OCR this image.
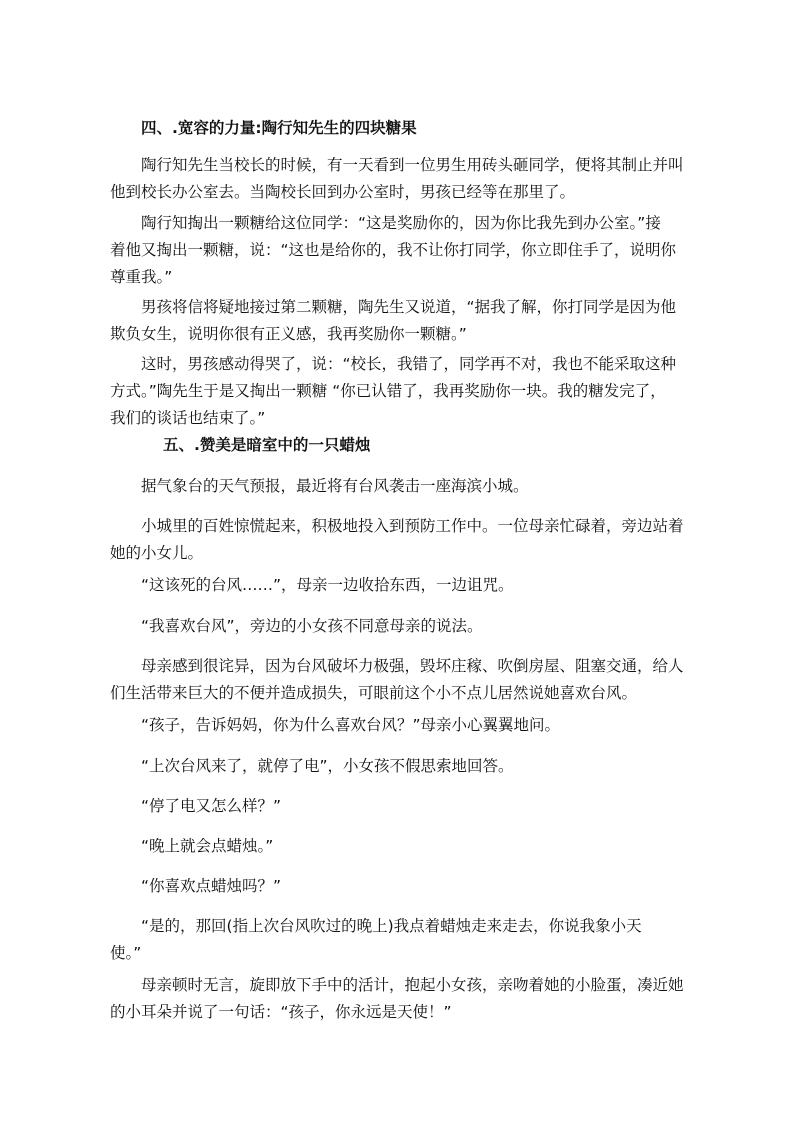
四、.宽容的力量:陶行知先生的四块糖果
陶行知先生当校长的时候，有一天看到一位男生用砖头砸同学，便将其制止并叫
他到校长办公室去。当陶校长回到办公室时，男孩已经等在那里了。
陶行知掏出一颗糖给这位同学：“这是奖励你的，因为你比我先到办公室。”接
着他又掏出一颗糖，说：“这也是给你的，我不让你打同学，你立即住手了，说明你
尊重我。”
男孩将信将疑地接过第二颗糖，陶先生又说道，“据我了解，你打同学是因为他
欺负女生，说明你很有正义感，我再奖励你一颗糖。”
这时，男孩感动得哭了，说：“校长，我错了，同学再不对，我也不能采取这种
方式。”陶先生于是又掏出一颗糖 “你已认错了，我再奖励你一块。我的糖发完了，
我们的谈话也结束了。”
五、.赞美是暗室中的一只蜡烛
据气象台的天气预报，最近将有台风袭击一座海滨小城。
小城里的百姓惊慌起来，积极地投入到预防工作中。一位母亲忙碌着，旁边站着
她的小女儿。
“这该死的台风……”，母亲一边收拾东西，一边诅咒。
“我喜欢台风”，旁边的小女孩不同意母亲的说法。
母亲感到很诧异，因为台风破坏力极强，毁坏庄稼、吹倒房屋、阻塞交通，给人
们生活带来巨大的不便并造成损失，可眼前这个小不点儿居然说她喜欢台风。
“孩子，告诉妈妈，你为什么喜欢台风？”母亲小心翼翼地问。
“上次台风来了，就停了电”，小女孩不假思索地回答。
“停了电又怎么样？”
“晚上就会点蜡烛。”
“你喜欢点蜡烛吗？”
“是的，那回(指上次台风吹过的晚上)我点着蜡烛走来走去，你说我象小天
使。”
母亲顿时无言，旋即放下手中的活计，抱起小女孩，亲吻着她的小脸蛋，凑近她
的小耳朵并说了一句话：“孩子，你永远是天使！”
